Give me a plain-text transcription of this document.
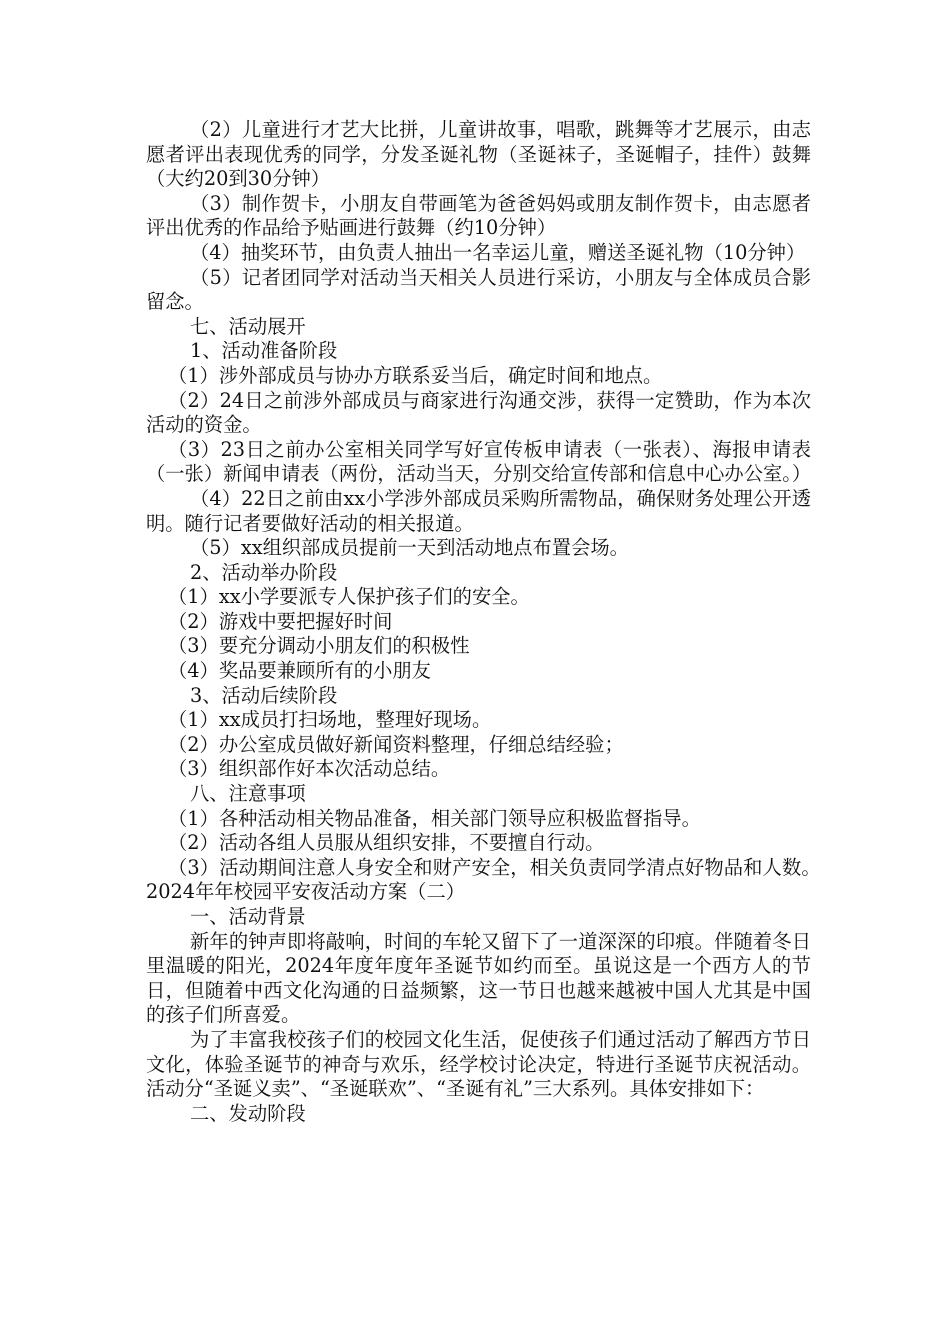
（2）儿童进行才艺大比拼，儿童讲故事，唱歌，跳舞等才艺展示，由志愿者评出表现优秀的同学，分发圣诞礼物（圣诞袜子，圣诞帽子，挂件）鼓舞（大约20到30分钟）

（3）制作贺卡，小朋友自带画笔为爸爸妈妈或朋友制作贺卡，由志愿者评出优秀的作品给予贴画进行鼓舞（约10分钟）

（4）抽奖环节，由负责人抽出一名幸运儿童，赠送圣诞礼物（10分钟）

（5）记者团同学对活动当天相关人员进行采访，小朋友与全体成员合影留念。

七、活动展开

1、活动准备阶段

（1）涉外部成员与协办方联系妥当后，确定时间和地点。

（2）24日之前涉外部成员与商家进行沟通交涉，获得一定赞助，作为本次活动的资金。

（3）23日之前办公室相关同学写好宣传板申请表（一张表）、海报申请表（一张）新闻申请表（两份，活动当天，分别交给宣传部和信息中心办公室。）

（4）22日之前由xx小学涉外部成员采购所需物品，确保财务处理公开透明。随行记者要做好活动的相关报道。

（5）xx组织部成员提前一天到活动地点布置会场。

2、活动举办阶段

（1）xx小学要派专人保护孩子们的安全。

（2）游戏中要把握好时间

（3）要充分调动小朋友们的积极性

（4）奖品要兼顾所有的小朋友

3、活动后续阶段

（1）xx成员打扫场地，整理好现场。

（2）办公室成员做好新闻资料整理，仔细总结经验；

（3）组织部作好本次活动总结。

八、注意事项

（1）各种活动相关物品准备，相关部门领导应积极监督指导。

（2）活动各组人员服从组织安排，不要擅自行动。

（3）活动期间注意人身安全和财产安全，相关负责同学清点好物品和人数。　　2024年年校园平安夜活动方案（二）

一、活动背景

新年的钟声即将敲响，时间的车轮又留下了一道深深的印痕。伴随着冬日里温暖的阳光，2024年度年度年圣诞节如约而至。虽说这是一个西方人的节日，但随着中西文化沟通的日益频繁，这一节日也越来越被中国人尤其是中国的孩子们所喜爱。

为了丰富我校孩子们的校园文化生活，促使孩子们通过活动了解西方节日文化，体验圣诞节的神奇与欢乐，经学校讨论决定，特进行圣诞节庆祝活动。活动分“圣诞义卖”、“圣诞联欢”、“圣诞有礼”三大系列。具体安排如下：

二、发动阶段
